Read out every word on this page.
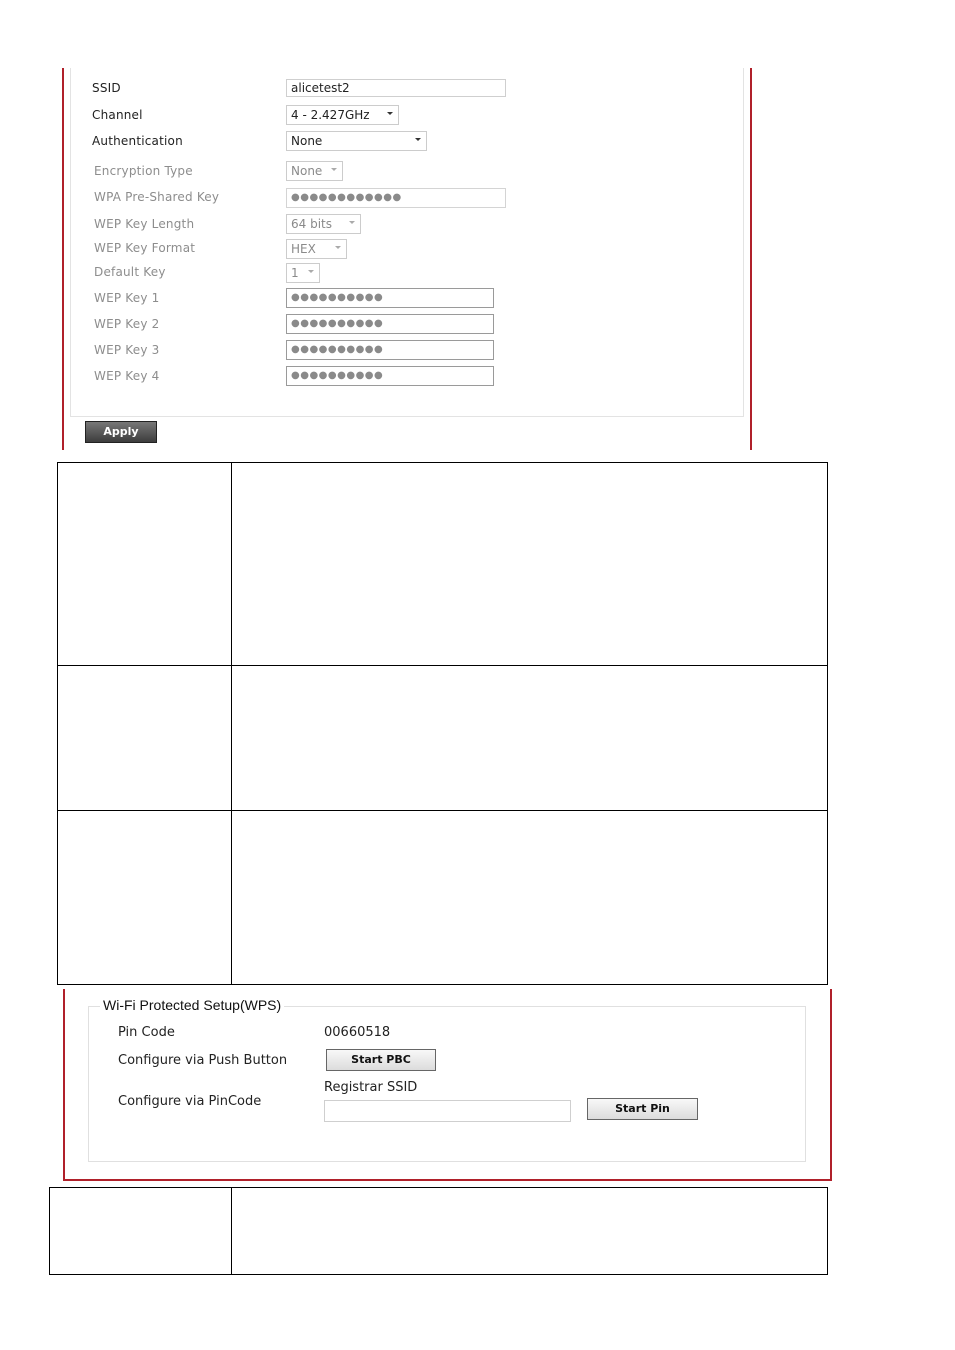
SSID	alicetest2
Channel	4 - 2.427GHz
Authentication	None
Encryption Type	None
WPA Pre-Shared Key	●●●●●●●●●●●●
WEP Key Length	64 bits
WEP Key Format	HEX
Default Key	1
WEP Key 1	●●●●●●●●●●
WEP Key 2	●●●●●●●●●●
WEP Key 3	●●●●●●●●●●
WEP Key 4	●●●●●●●●●●
Apply
Wi-Fi Protected Setup(WPS)
Pin Code	00660518
Configure via Push Button	Start PBC
Registrar SSID
Configure via PinCode	Start Pin
